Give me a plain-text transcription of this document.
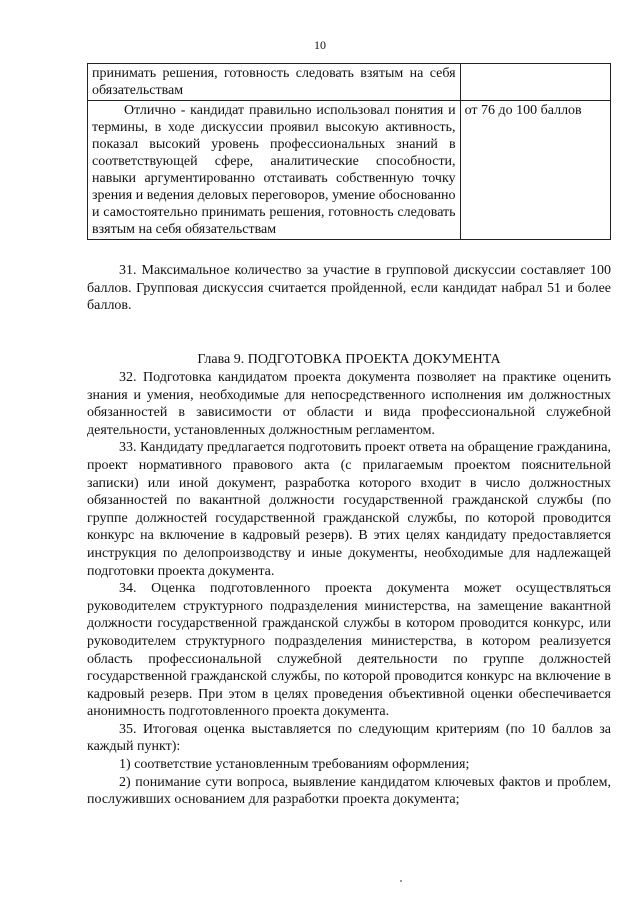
10
принимать решения, готовность следовать взятым на себя обязательствам	
Отлично - кандидат правильно использовал понятия и термины, в ходе дискуссии проявил высокую активность, показал высокий уровень профессиональных знаний в соответствующей сфере, аналитические способности, навыки аргументированно отстаивать собственную точку зрения и ведения деловых переговоров, умение обоснованно и самостоятельно принимать решения, готовность следовать взятым на себя обязательствам	от 76 до 100 баллов

31. Максимальное количество за участие в групповой дискуссии составляет 100 баллов. Групповая дискуссия считается пройденной, если кандидат набрал 51 и более баллов.

Глава 9. ПОДГОТОВКА ПРОЕКТА ДОКУМЕНТА

32. Подготовка кандидатом проекта документа позволяет на практике оценить знания и умения, необходимые для непосредственного исполнения им должностных обязанностей в зависимости от области и вида профессиональной служебной деятельности, установленных должностным регламентом.

33. Кандидату предлагается подготовить проект ответа на обращение гражданина, проект нормативного правового акта (с прилагаемым проектом пояснительной записки) или иной документ, разработка которого входит в число должностных обязанностей по вакантной должности государственной гражданской службы (по группе должностей государственной гражданской службы, по которой проводится конкурс на включение в кадровый резерв). В этих целях кандидату предоставляется инструкция по делопроизводству и иные документы, необходимые для надлежащей подготовки проекта документа.

34. Оценка подготовленного проекта документа может осуществляться руководителем структурного подразделения министерства, на замещение вакантной должности государственной гражданской службы в котором проводится конкурс, или руководителем структурного подразделения министерства, в котором реализуется область профессиональной служебной деятельности по группе должностей государственной гражданской службы, по которой проводится конкурс на включение в кадровый резерв. При этом в целях проведения объективной оценки обеспечивается анонимность подготовленного проекта документа.

35. Итоговая оценка выставляется по следующим критериям (по 10 баллов за каждый пункт):

1) соответствие установленным требованиям оформления;

2) понимание сути вопроса, выявление кандидатом ключевых фактов и проблем, послуживших основанием для разработки проекта документа;
